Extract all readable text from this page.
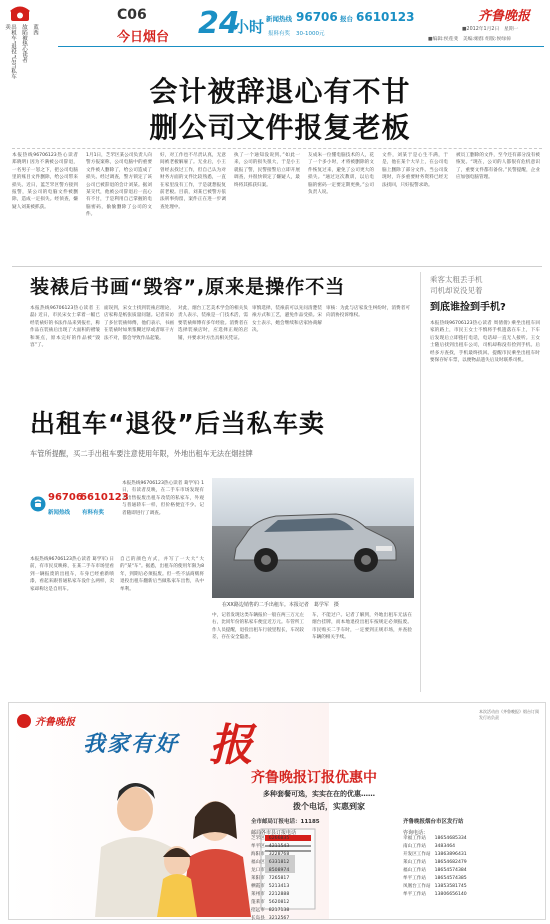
出租车“退役”后当私车卖	故陷被热心读者 蓝西
C06
今日烟台 24
小时 新闻热线 96706 报台 6610123
报料有奖 30-1000元
齐鲁晚报
■2012年1月2日　星期一
■编辑:侯莲斐　美编:姬群 组版:侯绿倬
会计被辞退心有不甘
删公司文件报复老板

本报热线96706123热心读者 郑晓明) 因为不满被公司辞退，一名男子一怒之下，把公司电脑里的账目文件删除，给公司带来损失。近日，蓝芝罘区警方接到报警，某公司的电脑文件被删除，造成一定损失。经侦查，嫌疑人刘某被抓获。

1月1日，芝罘区某公司负责人向警方报案称，公司电脑中的重要文件被人删除了，给公司造成了损失。经过调查，警方锁定了该公司已被辞退的会计刘某。据刘某交代，他被公司辞退后一直心有不甘，于是利用自己掌握的电脑密码，偷偷删除了公司的文件。

好，对工作也不尽责认真，无意间被老板解雇了。无业后，小王曾经去找过工作，但自己认为对财务方面的文件比较熟悉，一直在家里没有工作，于是就想报复前老板。目前，刘某已被警方依法刑事拘留，案件正在进一步调查处理中。

执了一个通知没说到。”如此一来，公司的损失很大，于是小王就报了警，民警接警后立即开展调查，并很快锁定了嫌疑人，最终将其抓获归案。

友成朱一位懂电脑技术的人，花了一个多小时，才将被删除的文件恢复过来，避免了公司更大的损失。“通过这次教训，以后电脑的密码一定要定期更换。”公司负责人说。

文件，刘某于是心生不满，于是，他在某个大早上，在公司电脑上删除了部分文件。当公司发现时，许多重要财务资料已经无法找回，只好报警求助。

被员工删除的文件，至今还有部分没有被恢复。“现在，公司的人都很有危机意识了，重要文件都有备份。”民警提醒，企业应加强电脑管理。

装裱后书画“毁容”,原来是操作不当

本报热线96706123热心读者 王磊) 近日，市民宋女士拿着一幅已经装裱好的书法作品来到报社，称作品在装裱后出现了大面积的褶皱和斑点，原本完好的作品被“毁容”了。

面误到，宋女士找到装裱店理论，店家称是纸张质量问题。记者采访了多位装裱师傅，他们表示，书画在装裱时如果浆糊过厚或者晾干方法不对，都会导致作品起皱。

对此，烟台工艺美术学会的相关负责人表示，装裱是一门技术活，需要装裱师傅有多年经验。消费者在选择装裱店时，应选择正规的店铺，并要求对方出具相关凭证。

审慎选择，装裱前可以先问清楚装裱方式和工艺，避免作品受损。宋女士表示，她会继续和店家协商解决。

审核：为此与店家发生纠纷时，消费者可向消协投诉维权。

出租车“退役”后当私车卖
车管所提醒，买二手出租车要注意使用年限，外地出租车无法在烟挂牌
96706
6610123
新闻热线 有料有奖

本报热线96706123热心读者 葛学军) 1日，有读者反映，在二手车市场发现有人出售报废出租车改装的私家车，外观与普通轿车一样，但价格便宜不少。记者随即进行了调查。

在XX路边销售的二手出租车。本报记者　葛学军　摄

本报热线96706123热心读者 葛学军) 日前，有市民反映称，在某二手车市场里看到一辆报废的出租车，车身已经重新喷漆，看起来跟普通私家车没什么两样，卖家却称这是自用车。

自己的颜色方式，并写了一大大“大的”某“车”。据悉，出租车的使用年限为8年，到期后必须报废。但一些不法商贩将退役出租车翻新后当做私家车出售，从中牟利。

中，记者发现这类车辆报价一般在两三万元左右，比同年份的私家车便宜近万元。车管所工作人员提醒，退役出租车行驶里程长，车况较差，存在安全隐患。

车，不能过户。记者了解到，外地出租车无法在烟台挂牌，而本地退役出租车按规定必须报废。市民购买二手车时，一定要到正规市场，并查验车辆的相关手续。

乘客太粗丢手机
司机却说没见着
到底谁捡到手机?

本报热线96706123热心读者 周倩倩) 乘坐出租车回家的路上，市民王女士不慎将手机遗落在车上，下车后发现后立即拨打电话，电话却一直无人接听。王女士随后找到出租车公司，司机却称没有捡到手机。后经多方查找，手机最终找回。提醒市民乘坐出租车时要保存好车票，以便物品遗失后及时联系司机。

齐鲁晚报
我家有好 报
本次活动由《齐鲁晚报》烟台订阅发行站负责
齐鲁晚报订报优惠中
多种套餐可选，实实在在的优惠……
拨个电话，实惠到家
全市邮局订报电话：11185	齐鲁晚报烟台市区发行站
邮局各市县订报电话	咨询电话：
芝罘区	6266835
牟平区	4211543
海阳市	3228768
福山区	6331812
龙口市	8508974
莱阳市	7265817
栖霞市	5213413
莱州市	2212888
蓬莱市	5620812
招远市	8217138
长岛县	3212567
幸福工作站	18654685334
南山工作站	3483464
开发区工作站	13863896431
莱山工作站	18654682479
福山工作站	18654574384
牟平工作站	18654574385
凤凰台工作站	13853581745
牟平工作站	13806656140
